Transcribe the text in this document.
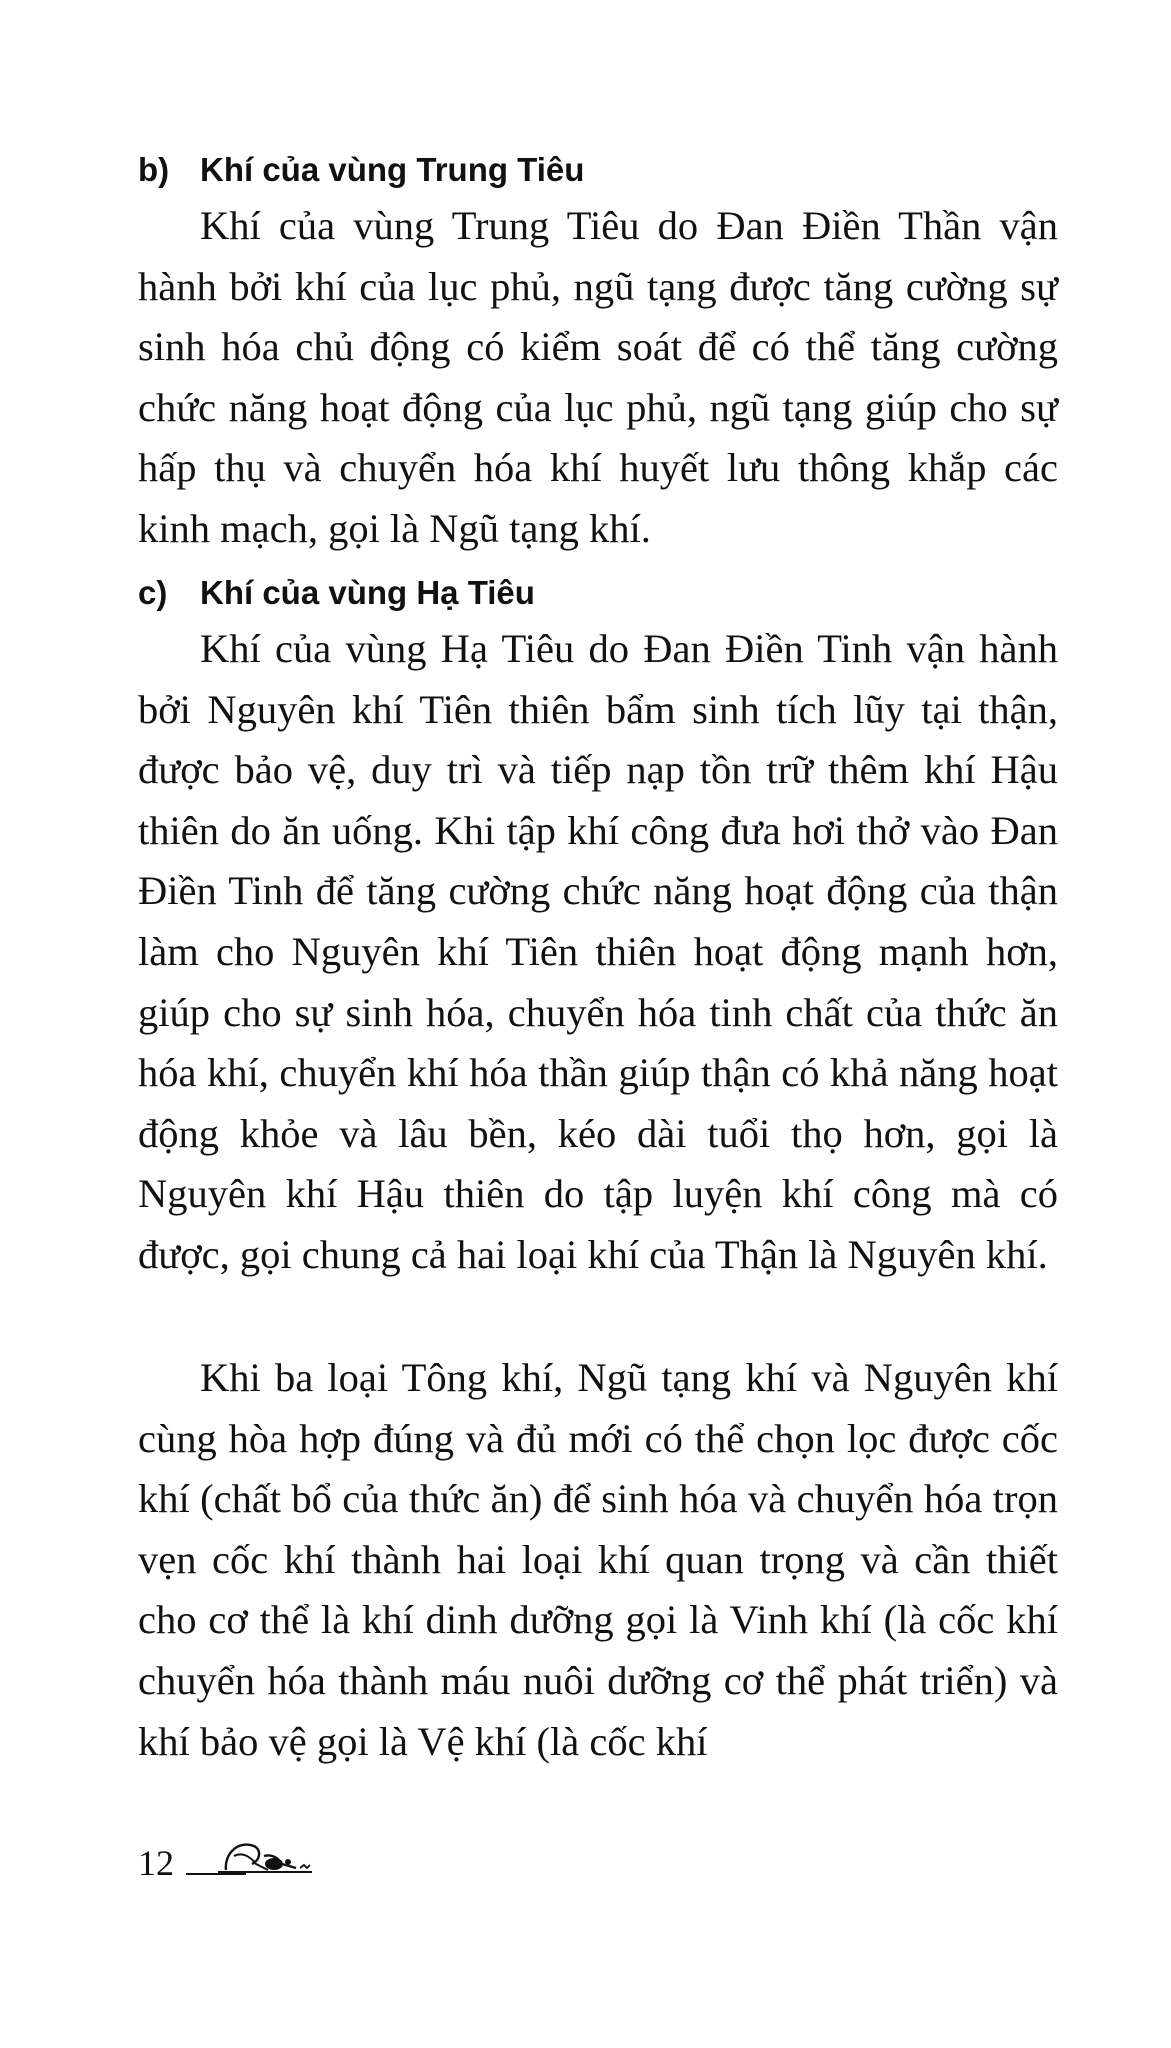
b) Khí của vùng Trung Tiêu

Khí của vùng Trung Tiêu do Đan Điền Thần vận hành bởi khí của lục phủ, ngũ tạng được tăng cường sự sinh hóa chủ động có kiểm soát để có thể tăng cường chức năng hoạt động của lục phủ, ngũ tạng giúp cho sự hấp thụ và chuyển hóa khí huyết lưu thông khắp các kinh mạch, gọi là Ngũ tạng khí.

c) Khí của vùng Hạ Tiêu

Khí của vùng Hạ Tiêu do Đan Điền Tinh vận hành bởi Nguyên khí Tiên thiên bẩm sinh tích lũy tại thận, được bảo vệ, duy trì và tiếp nạp tồn trữ thêm khí Hậu thiên do ăn uống. Khi tập khí công đưa hơi thở vào Đan Điền Tinh để tăng cường chức năng hoạt động của thận làm cho Nguyên khí Tiên thiên hoạt động mạnh hơn, giúp cho sự sinh hóa, chuyển hóa tinh chất của thức ăn hóa khí, chuyển khí hóa thần giúp thận có khả năng hoạt động khỏe và lâu bền, kéo dài tuổi thọ hơn, gọi là Nguyên khí Hậu thiên do tập luyện khí công mà có được, gọi chung cả hai loại khí của Thận là Nguyên khí.

Khi ba loại Tông khí, Ngũ tạng khí và Nguyên khí cùng hòa hợp đúng và đủ mới có thể chọn lọc được cốc khí (chất bổ của thức ăn) để sinh hóa và chuyển hóa trọn vẹn cốc khí thành hai loại khí quan trọng và cần thiết cho cơ thể là khí dinh dưỡng gọi là Vinh khí (là cốc khí chuyển hóa thành máu nuôi dưỡng cơ thể phát triển) và khí bảo vệ gọi là Vệ khí (là cốc khí

12
